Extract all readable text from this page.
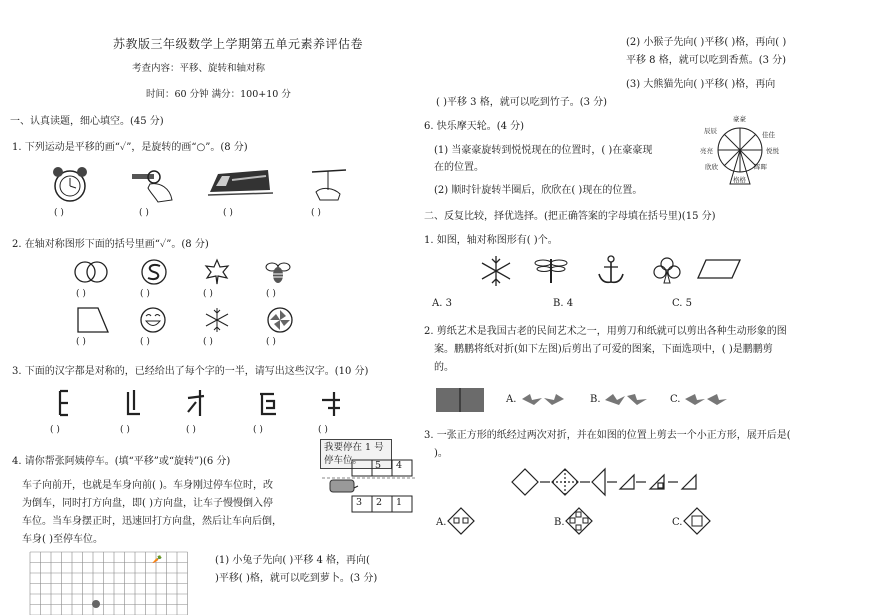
苏教版三年级数学上学期第五单元素养评估卷
考查内容：平移、旋转和轴对称
时间：60 分钟 满分：100+10 分
一、认真读题，细心填空。(45 分)
1. 下列运动是平移的画“✓”，是旋转的画“○”。(8 分)
( )	( )	( )	( )
2. 在轴对称图形下面的括号里画“✓”。(8 分)
( )	( )	( )	( )
( )	( )	( )	( )
3. 下面的汉字都是对称的，已经给出了每个字的一半，请写出这些汉字。(10 分)
( )	( )	( )	( )	( )
4. 请你帮张阿姨停车。(填“平移”或“旋转”)(6 分)
我要停在 1 号
停车位。	5 4
3 2 1
车子向前开，也就是车身向前( )。车身刚过停车位时，改
为倒车，同时打方向盘，即( )方向盘，让车子慢慢倒入停
车位。当车身摆正时，迅速回打方向盘，然后让车向后倒，
车身( )至停车位。
🥕	(1) 小兔子先向( )平移 4 格，再向(
)平移( )格，就可以吃到萝卜。(3 分)
(2) 小猴子先向( )平移( )格，再向( )
平移 8 格，就可以吃到香蕉。(3 分)
(3) 大熊猫先向( )平移( )格，再向
( )平移 3 格，就可以吃到竹子。(3 分)
6. 快乐摩天轮。(4 分)
(1) 当豪豪旋转到悦悦现在的位置时，( )在豪豪现
在的位置。
(2) 顺时针旋转半圈后，欣欣在( )现在的位置。
豪豪
佳佳
悦悦
晖晖
格格
欣欣
亮亮
辰辰
二、反复比较，择优选择。(把正确答案的字母填在括号里)(15 分)
1. 如图，轴对称图形有( )个。
A. 3	B. 4	C. 5
2. 剪纸艺术是我国古老的民间艺术之一，用剪刀和纸就可以剪出各种生动形象的图
案。鹏鹏将纸对折(如下左图)后剪出了可爱的图案，下面选项中，( )是鹏鹏剪
的。
A.	B.	C.
3. 一张正方形的纸经过两次对折，并在如图的位置上剪去一个小正方形，展开后是(
)。
A.	B.	C.
